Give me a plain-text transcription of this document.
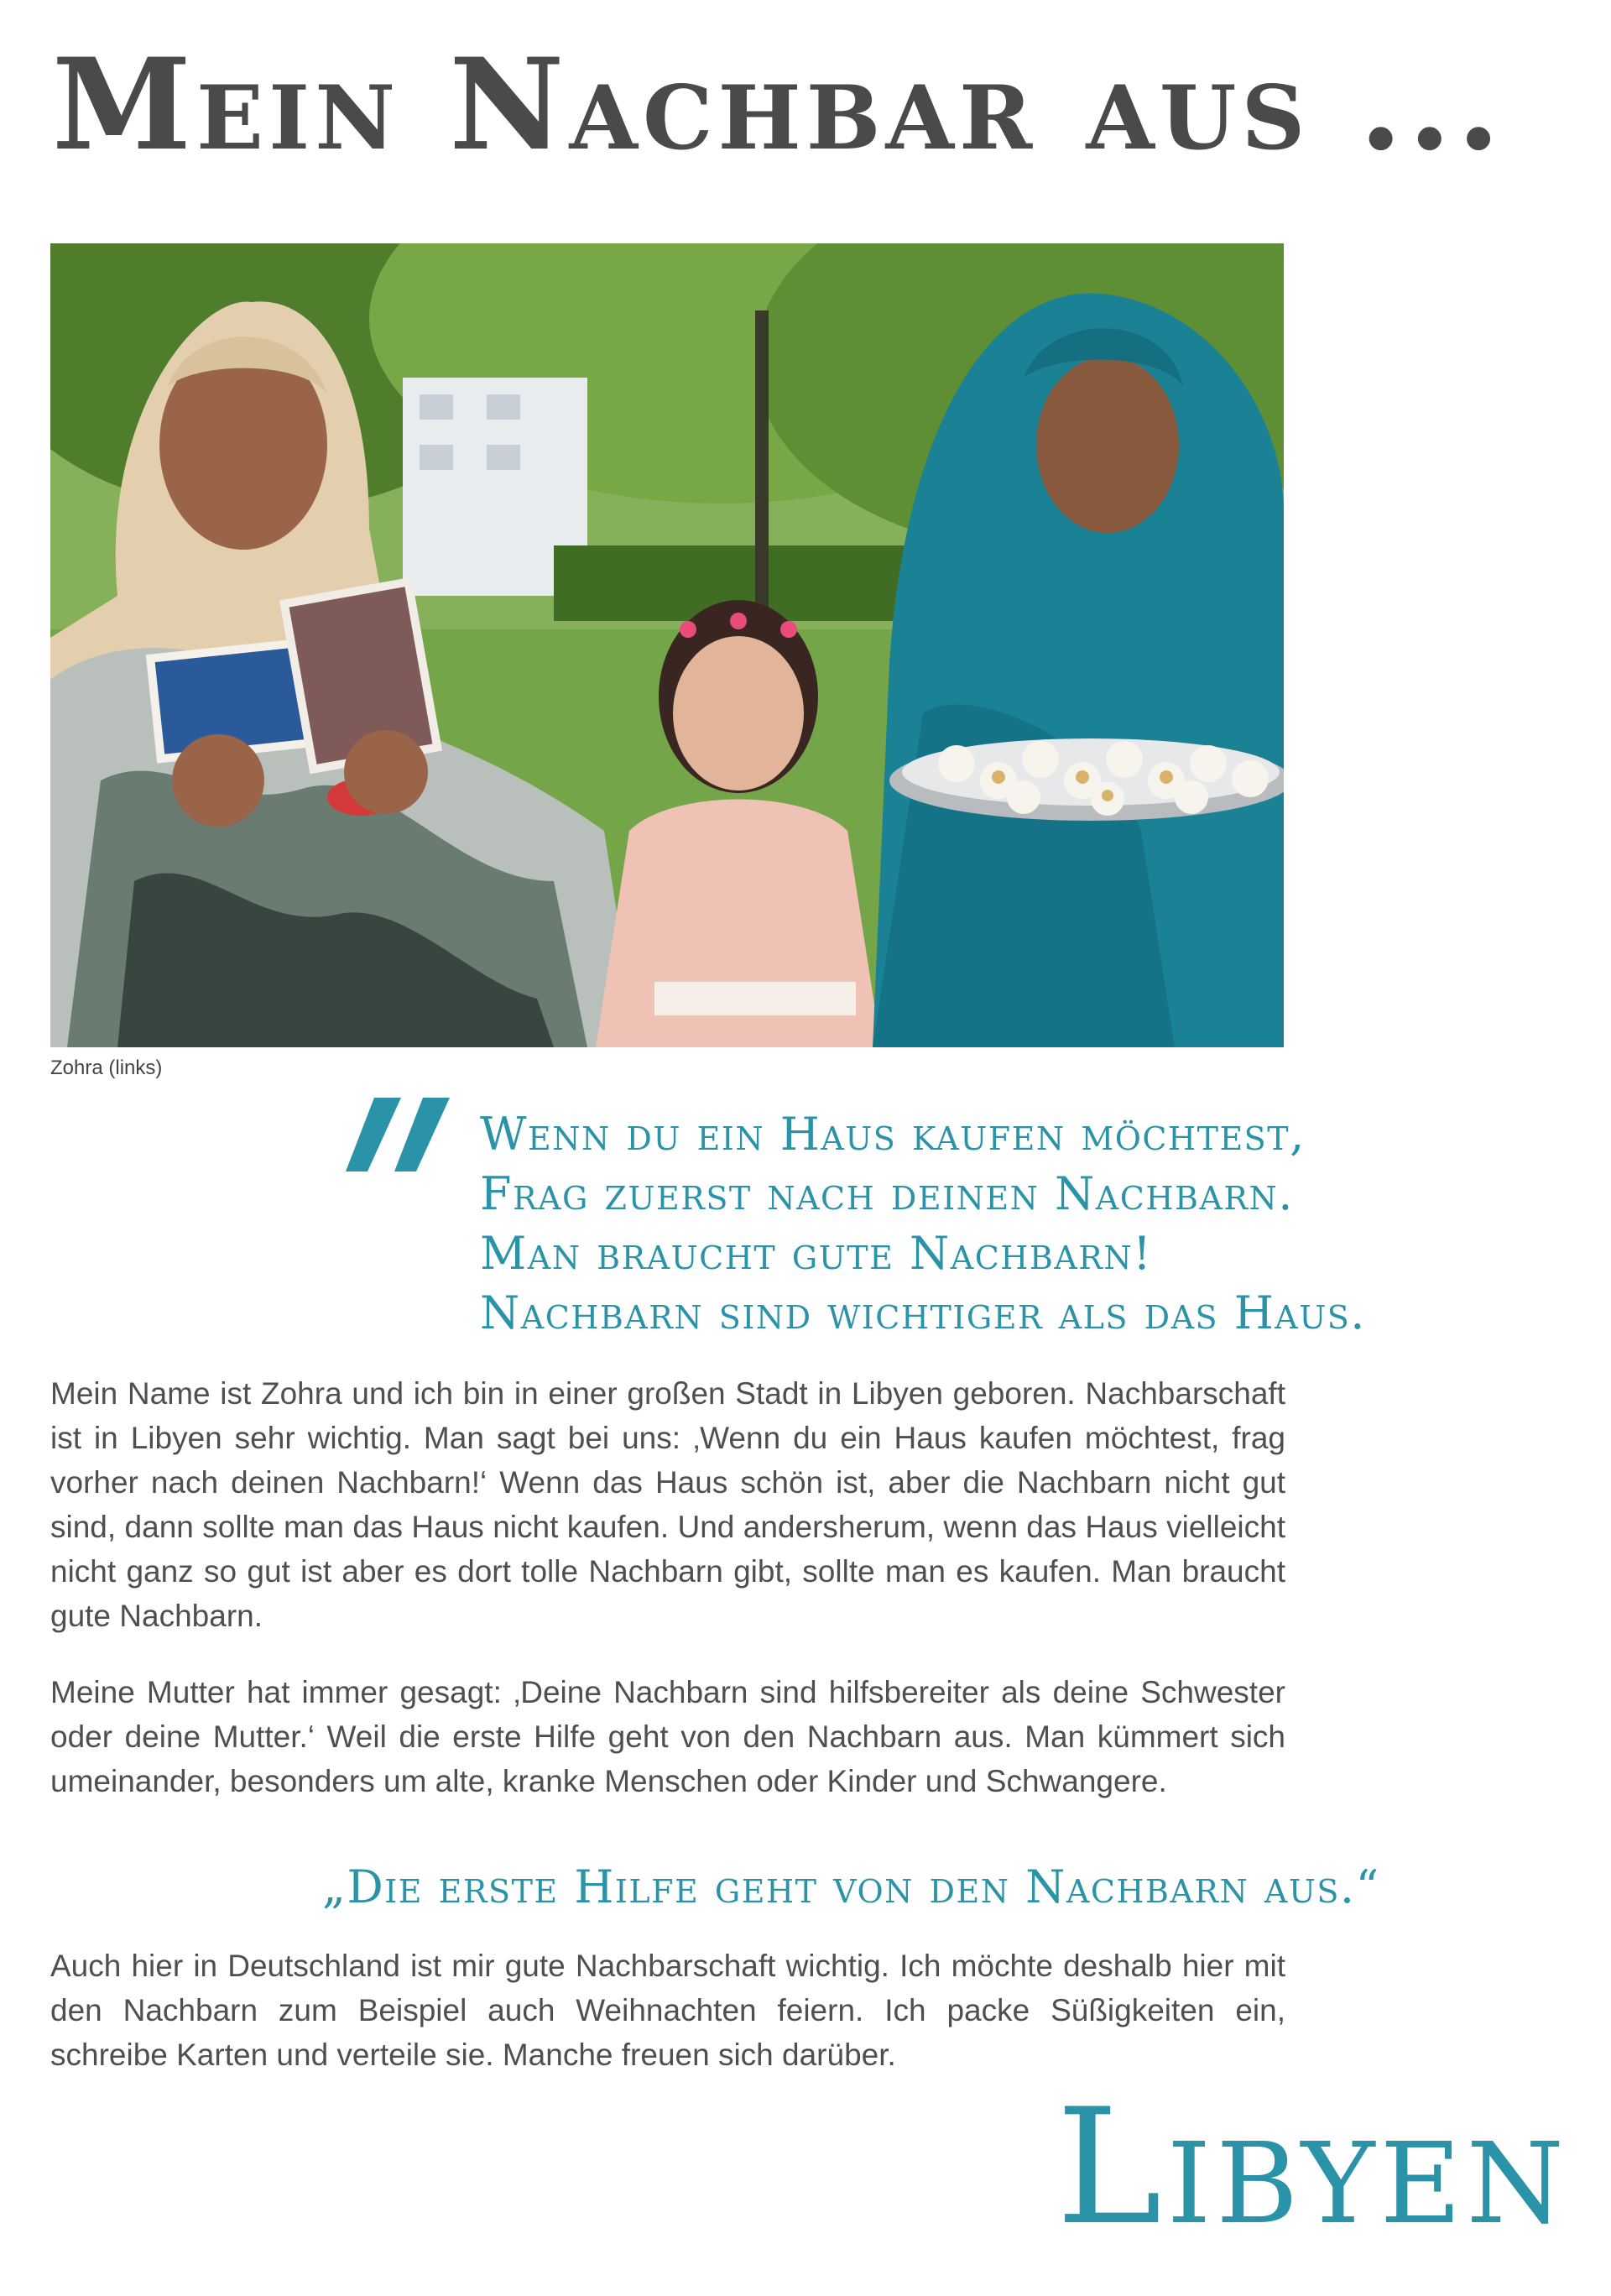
Mein Nachbar aus ...
Zohra (links)
Wenn du ein Haus kaufen möchtest,
Frag zuerst nach deinen Nachbarn.
Man braucht gute Nachbarn!
Nachbarn sind wichtiger als das Haus.

Mein Name ist Zohra und ich bin in einer großen Stadt in Libyen geboren. Nachbarschaft ist in Libyen sehr wichtig. Man sagt bei uns: ‚Wenn du ein Haus kaufen möchtest, frag vorher nach deinen Nachbarn!‘ Wenn das Haus schön ist, aber die Nachbarn nicht gut sind, dann sollte man das Haus nicht kaufen. Und andersherum, wenn das Haus vielleicht nicht ganz so gut ist aber es dort tolle Nachbarn gibt, sollte man es kaufen. Man braucht gute Nachbarn.

Meine Mutter hat immer gesagt: ‚Deine Nachbarn sind hilfsbereiter als deine Schwester oder deine Mutter.‘ Weil die erste Hilfe geht von den Nachbarn aus. Man kümmert sich umeinander, besonders um alte, kranke Menschen oder Kinder und Schwangere.

„Die erste Hilfe geht von den Nachbarn aus.“

Auch hier in Deutschland ist mir gute Nachbarschaft wichtig. Ich möchte deshalb hier mit den Nachbarn zum Beispiel auch Weihnachten feiern. Ich packe Süßigkeiten ein, schreibe Karten und verteile sie. Manche freuen sich darüber.

Libyen
